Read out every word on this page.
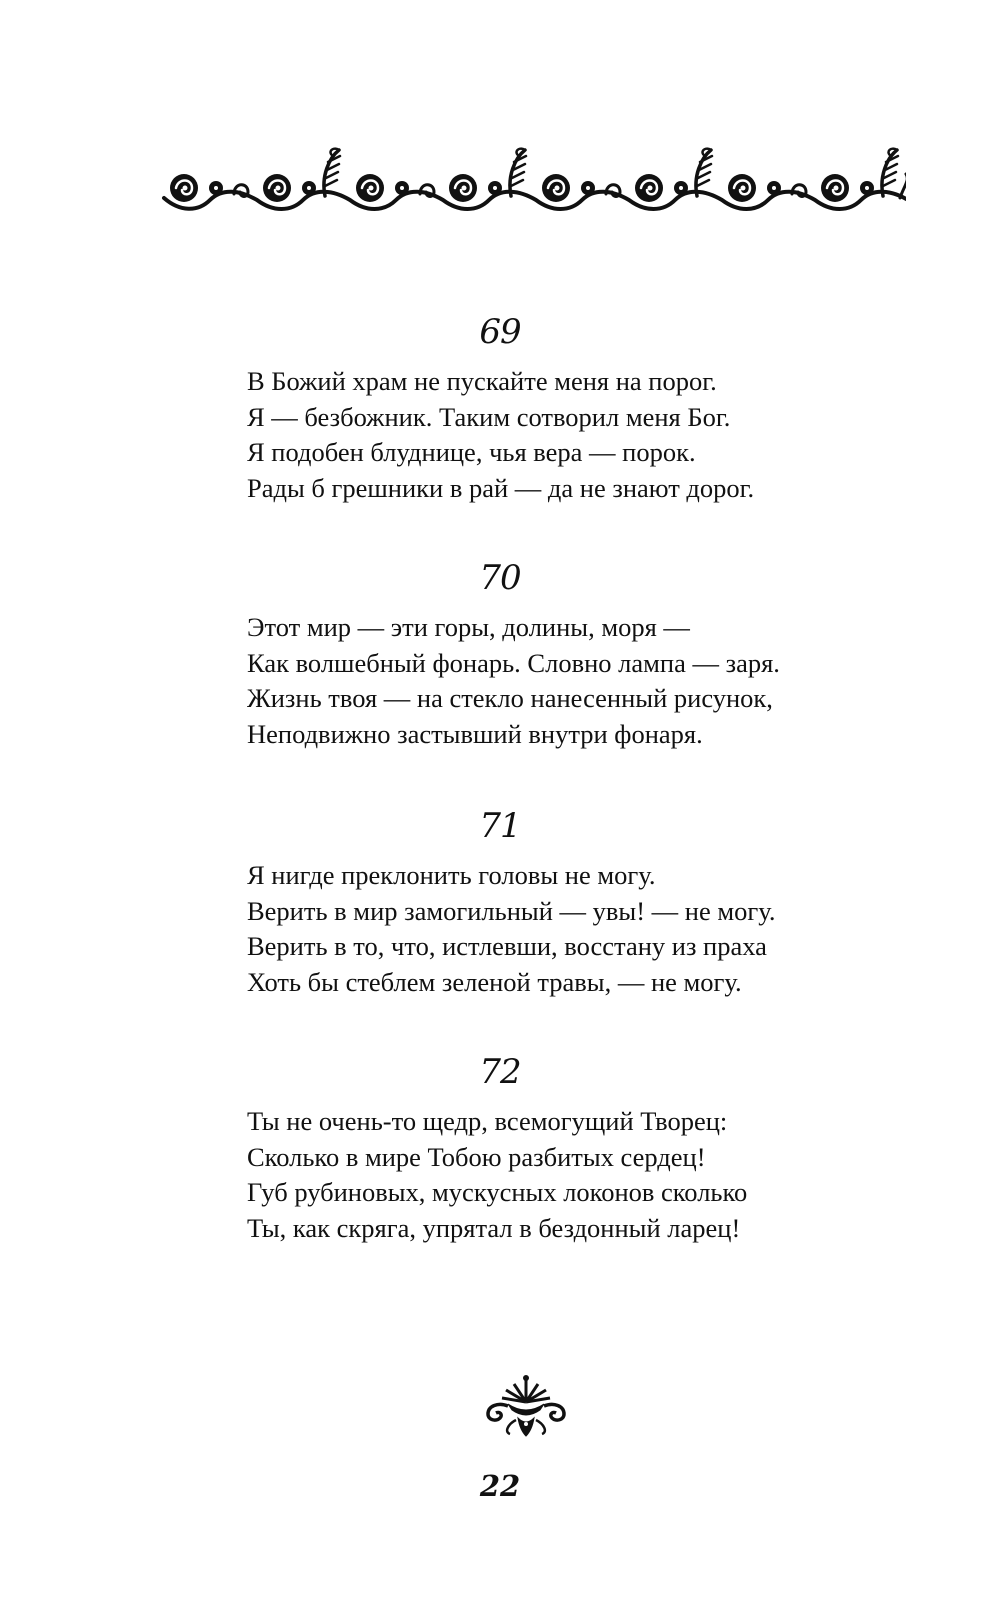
69
В Божий храм не пускайте меня на порог.
Я — безбожник. Таким сотворил меня Бог.
Я подобен блуднице, чья вера — порок.
Рады б грешники в рай — да не знают дорог.
70
Этот мир — эти горы, долины, моря —
Как волшебный фонарь. Словно лампа — заря.
Жизнь твоя — на стекло нанесенный рисунок,
Неподвижно застывший внутри фонаря.
71
Я нигде преклонить головы не могу.
Верить в мир замогильный — увы! — не могу.
Верить в то, что, истлевши, восстану из праха
Хоть бы стеблем зеленой травы, — не могу.
72
Ты не очень-то щедр, всемогущий Творец:
Сколько в мире Тобою разбитых сердец!
Губ рубиновых, мускусных локонов сколько
Ты, как скряга, упрятал в бездонный ларец!
22
